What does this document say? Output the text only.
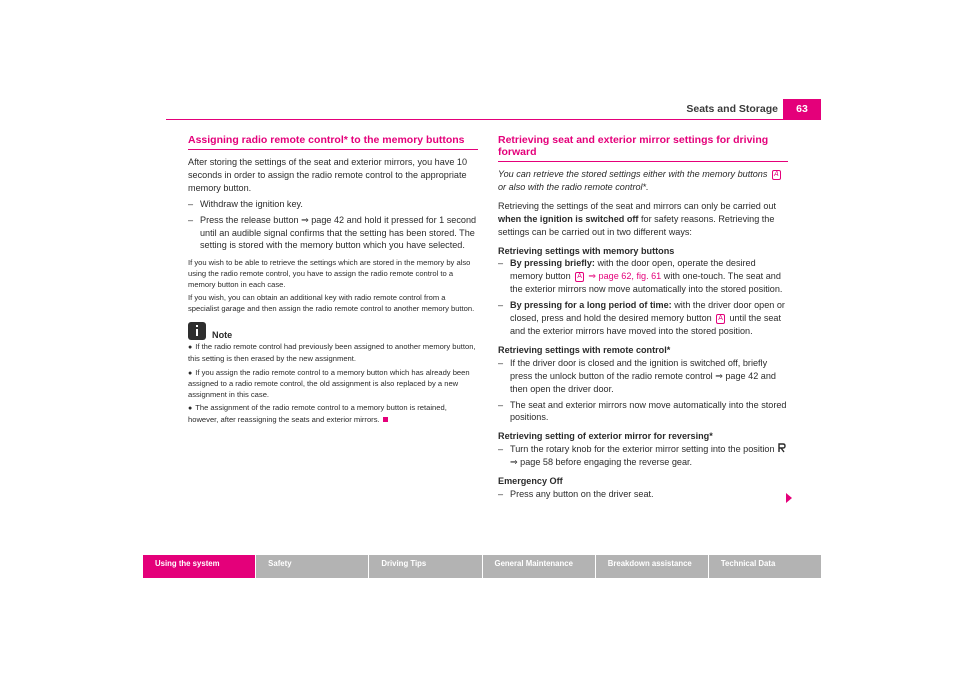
Seats and Storage	63
Assigning radio remote control* to the memory buttons

After storing the settings of the seat and exterior mirrors, you have 10 seconds in order to assign the radio remote control to the appropriate memory button.

– Withdraw the ignition key.

– Press the release button ⇒ page 42 and hold it pressed for 1 second until an audible signal confirms that the setting has been stored. The setting is stored with the memory button which you have selected.

If you wish to be able to retrieve the settings which are stored in the memory by also using the radio remote control, you have to assign the radio remote control to a memory button in each case.

If you wish, you can obtain an additional key with radio remote control from a specialist garage and then assign the radio remote control to another memory button.

Note

● If the radio remote control had previously been assigned to another memory button, this setting is then erased by the new assignment.

● If you assign the radio remote control to a memory button which has already been assigned to a radio remote control, the old assignment is also replaced by a new assignment in this case.

● The assignment of the radio remote control to a memory button is retained, however, after reassigning the seats and exterior mirrors.

Retrieving seat and exterior mirror settings for driving forward

You can retrieve the stored settings either with the memory buttons A or also with the radio remote control*.

Retrieving the settings of the seat and mirrors can only be carried out when the ignition is switched off for safety reasons. Retrieving the settings can be carried out in two different ways:

Retrieving settings with memory buttons

– By pressing briefly: with the door open, operate the desired memory button A ⇒ page 62, fig. 61 with one-touch. The seat and the exterior mirrors now move automatically into the stored position.

– By pressing for a long period of time: with the driver door open or closed, press and hold the desired memory button A until the seat and the exterior mirrors have moved into the stored position.

Retrieving settings with remote control*

– If the driver door is closed and the ignition is switched off, briefly press the unlock button of the radio remote control ⇒ page 42 and then open the driver door.

– The seat and exterior mirrors now move automatically into the stored positions.

Retrieving setting of exterior mirror for reversing*

– Turn the rotary knob for the exterior mirror setting into the position
⇒ page 58 before engaging the reverse gear.

Emergency Off

– Press any button on the driver seat.

Using the system	Safety	Driving Tips	General Maintenance	Breakdown assistance	Technical Data
